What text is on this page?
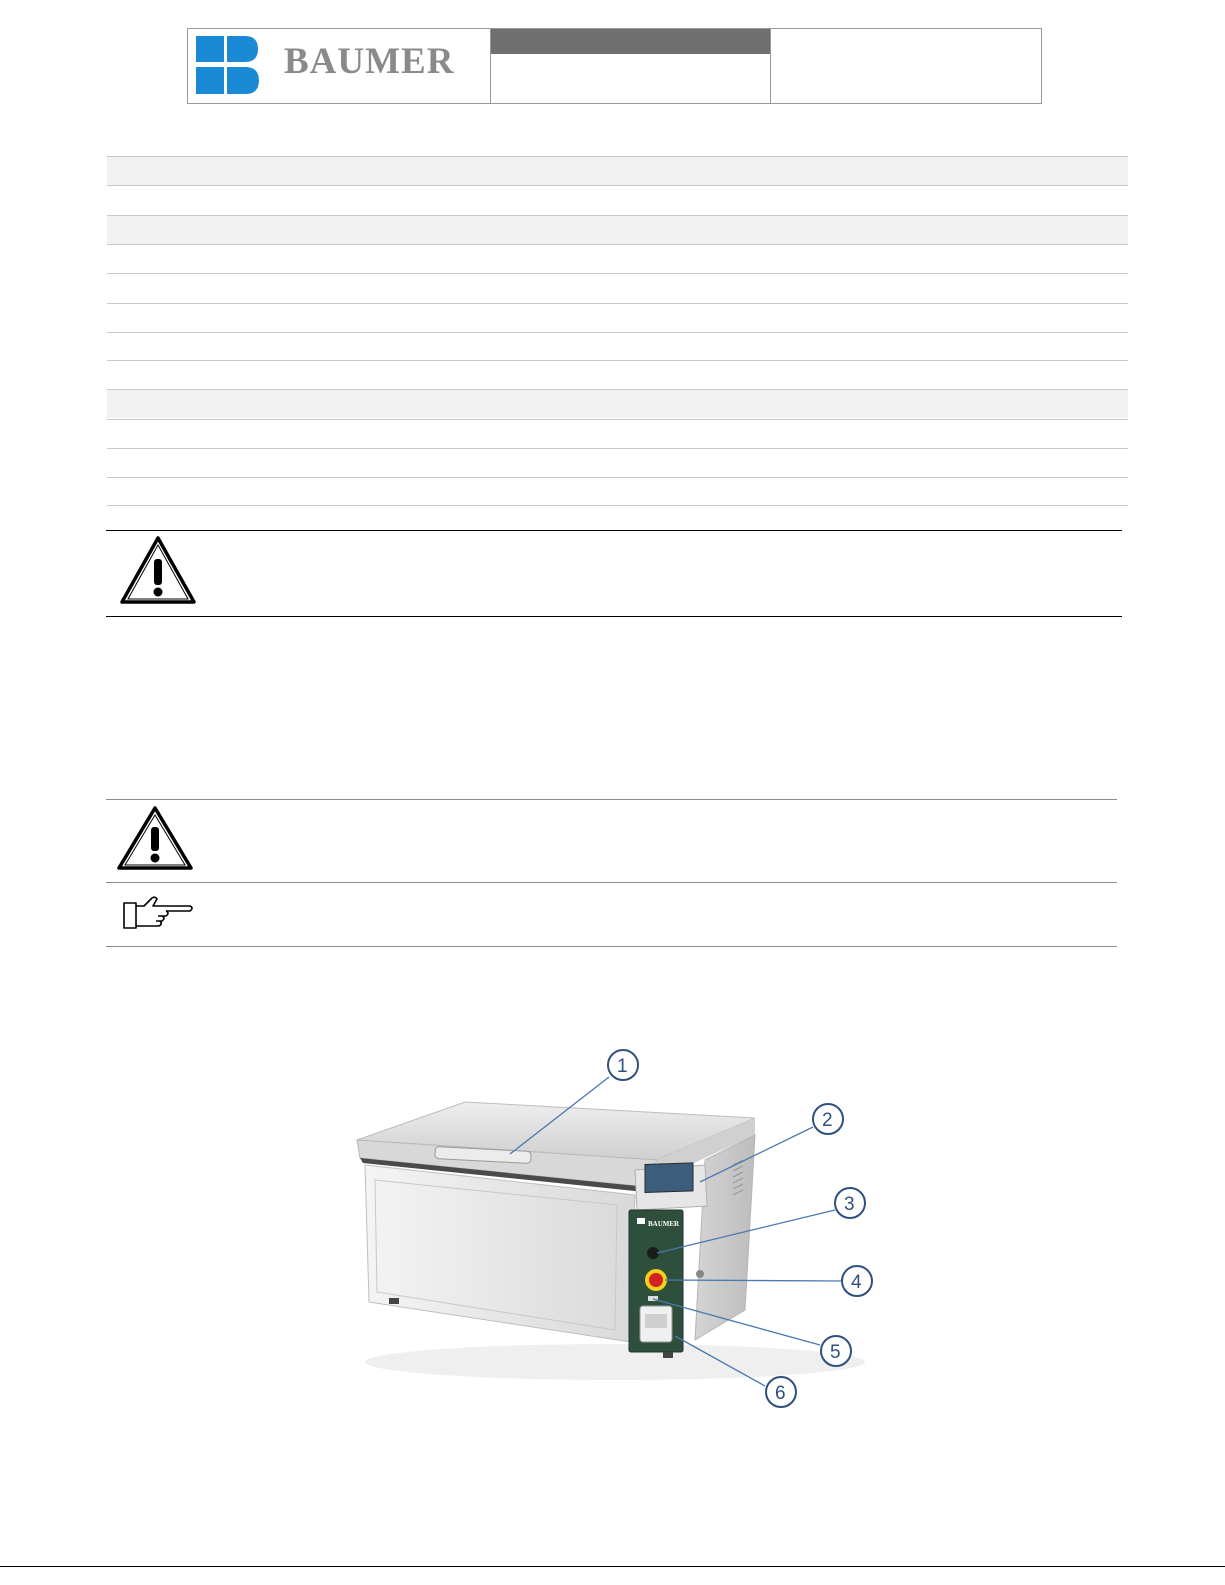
BAUMER
BAUMER
1
2
3
4
5
6
